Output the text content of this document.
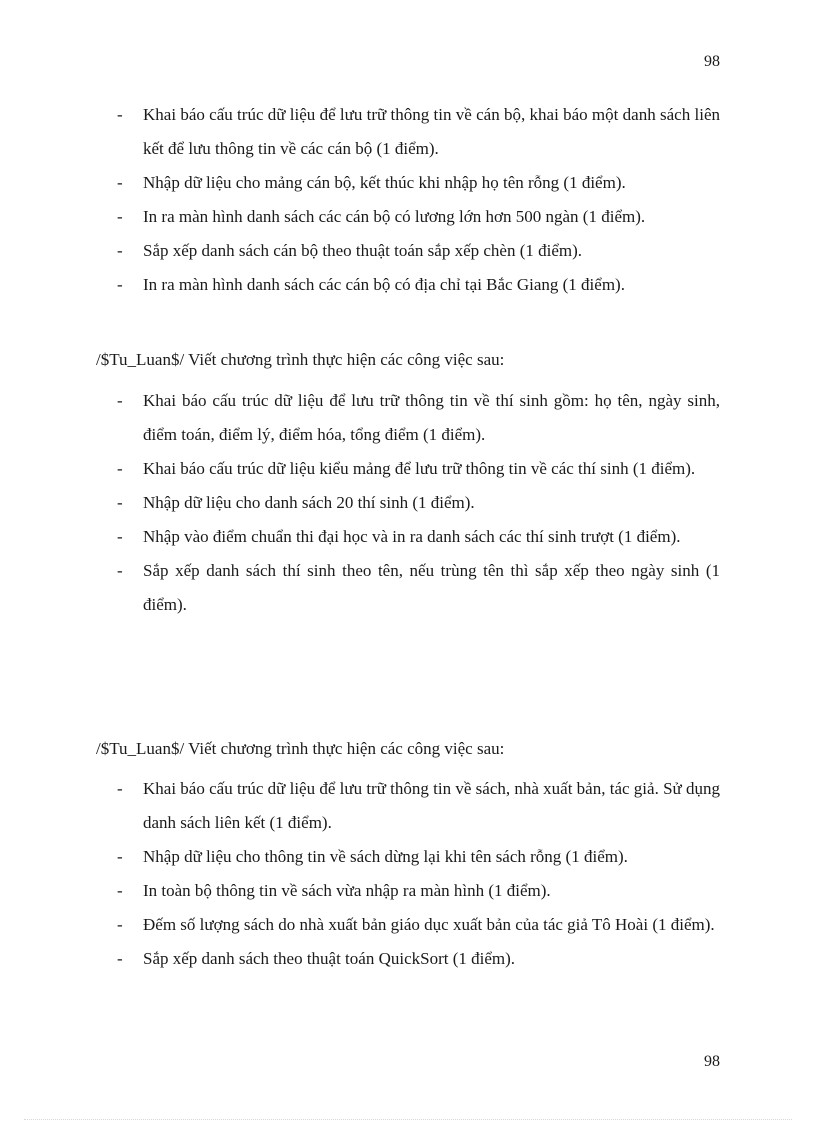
98
- Khai báo cấu trúc dữ liệu để lưu trữ thông tin về cán bộ, khai báo một danh sách liên kết để lưu thông tin về các cán bộ (1 điểm).
- Nhập dữ liệu cho mảng cán bộ, kết thúc khi nhập họ tên rỗng (1 điểm).
- In ra màn hình danh sách các cán bộ có lương lớn hơn 500 ngàn (1 điểm).
- Sắp xếp danh sách cán bộ theo thuật toán sắp xếp chèn (1 điểm).
- In ra màn hình danh sách các cán bộ có địa chỉ tại Bắc Giang (1 điểm).
/$Tu_Luan$/ Viết chương trình thực hiện các công việc sau:
- Khai báo cấu trúc dữ liệu để lưu trữ thông tin về thí sinh gồm: họ tên, ngày sinh, điểm toán, điểm lý, điểm hóa, tổng điểm (1 điểm).
- Khai báo cấu trúc dữ liệu kiểu mảng để lưu trữ thông tin về các thí sinh (1 điểm).
- Nhập dữ liệu cho danh sách 20 thí sinh (1 điểm).
- Nhập vào điểm chuẩn thi đại học và in ra danh sách các thí sinh trượt (1 điểm).
- Sắp xếp danh sách thí sinh theo tên, nếu trùng tên thì sắp xếp theo ngày sinh (1 điểm).
/$Tu_Luan$/ Viết chương trình thực hiện các công việc sau:
- Khai báo cấu trúc dữ liệu để lưu trữ thông tin về sách, nhà xuất bản, tác giả. Sử dụng danh sách liên kết (1 điểm).
- Nhập dữ liệu cho thông tin về sách dừng lại khi tên sách rỗng (1 điểm).
- In toàn bộ thông tin về sách vừa nhập ra màn hình (1 điểm).
- Đếm số lượng sách do nhà xuất bản giáo dục xuất bản của tác giả Tô Hoài (1 điểm).
- Sắp xếp danh sách theo thuật toán QuickSort (1 điểm).
98
